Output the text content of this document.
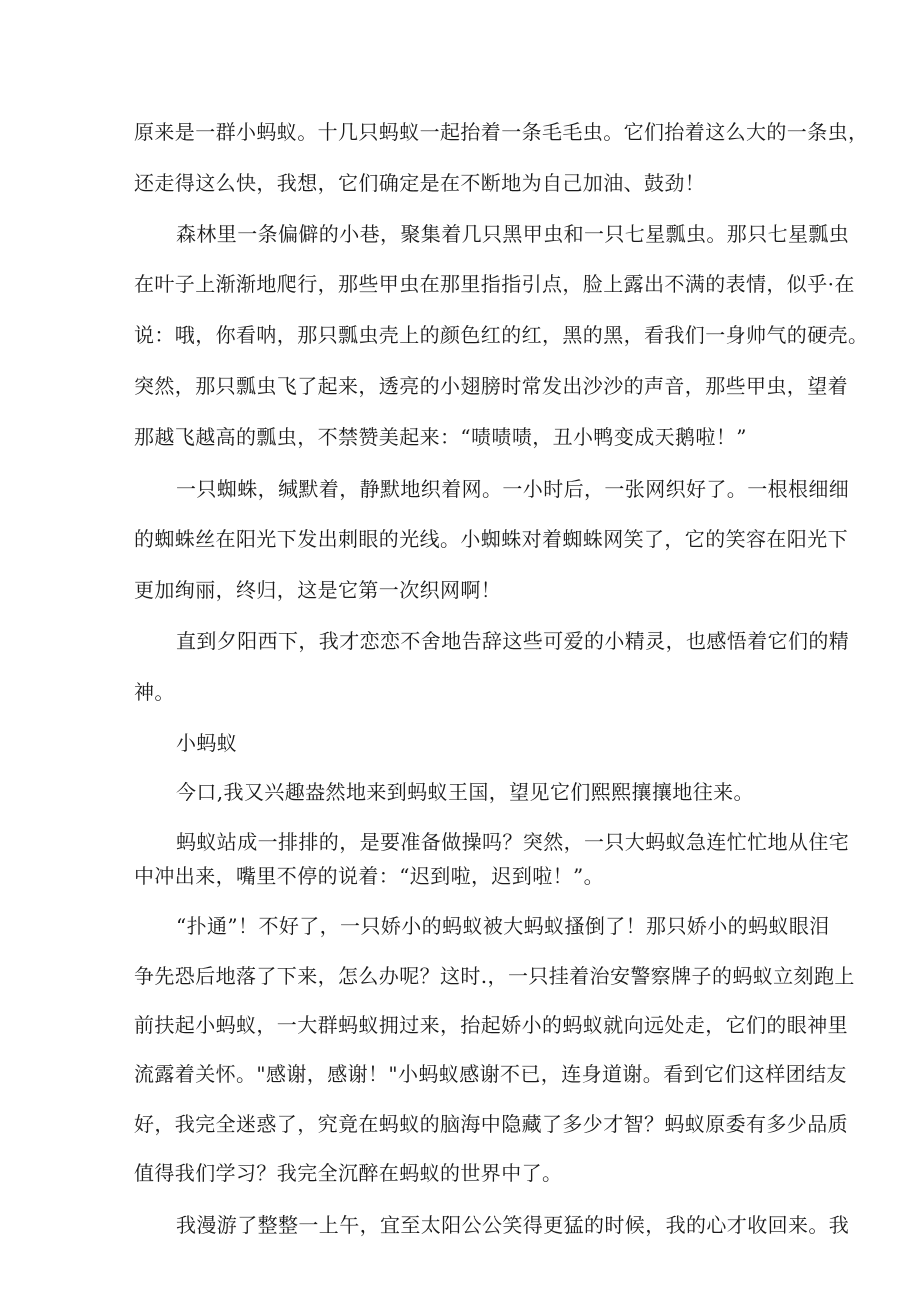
原来是一群小蚂蚁。十几只蚂蚁一起抬着一条毛毛虫。它们抬着这么大的一条虫，
还走得这么快，我想，它们确定是在不断地为自己加油、鼓劲！
森林里一条偏僻的小巷，聚集着几只黑甲虫和一只七星瓢虫。那只七星瓢虫
在叶子上渐渐地爬行，那些甲虫在那里指指引点，脸上露出不满的表情，似乎·在
说：哦，你看呐，那只瓢虫壳上的颜色红的红，黑的黑，看我们一身帅气的硬壳。
突然，那只瓢虫飞了起来，透亮的小翅膀时常发出沙沙的声音，那些甲虫，望着
那越飞越高的瓢虫，不禁赞美起来：“啧啧啧，丑小鸭变成天鹅啦！”
一只蜘蛛，缄默着，静默地织着网。一小时后，一张网织好了。一根根细细
的蜘蛛丝在阳光下发出刺眼的光线。小蜘蛛对着蜘蛛网笑了，它的笑容在阳光下
更加绚丽，终归，这是它第一次织网啊！
直到夕阳西下，我才恋恋不舍地告辞这些可爱的小精灵，也感悟着它们的精
神。
小蚂蚁
今口,我又兴趣盎然地来到蚂蚁王国，望见它们熙熙攘攘地往来。
蚂蚁站成一排排的，是要准备做操吗？突然，一只大蚂蚁急连忙忙地从住宅
中冲出来，嘴里不停的说着：“迟到啦，迟到啦！”。
“扑通”！不好了，一只娇小的蚂蚁被大蚂蚁搔倒了！那只娇小的蚂蚁眼泪
争先恐后地落了下来，怎么办呢？这时.，一只挂着治安警察牌子的蚂蚁立刻跑上
前扶起小蚂蚁，一大群蚂蚁拥过来，抬起娇小的蚂蚁就向远处走，它们的眼神里
流露着关怀。"感谢，感谢！"小蚂蚁感谢不已，连身道谢。看到它们这样团结友
好，我完全迷惑了，究竟在蚂蚁的脑海中隐藏了多少才智？蚂蚁原委有多少品质
值得我们学习？我完全沉醉在蚂蚁的世界中了。
我漫游了整整一上午，宜至太阳公公笑得更猛的时候，我的心才收回来。我
